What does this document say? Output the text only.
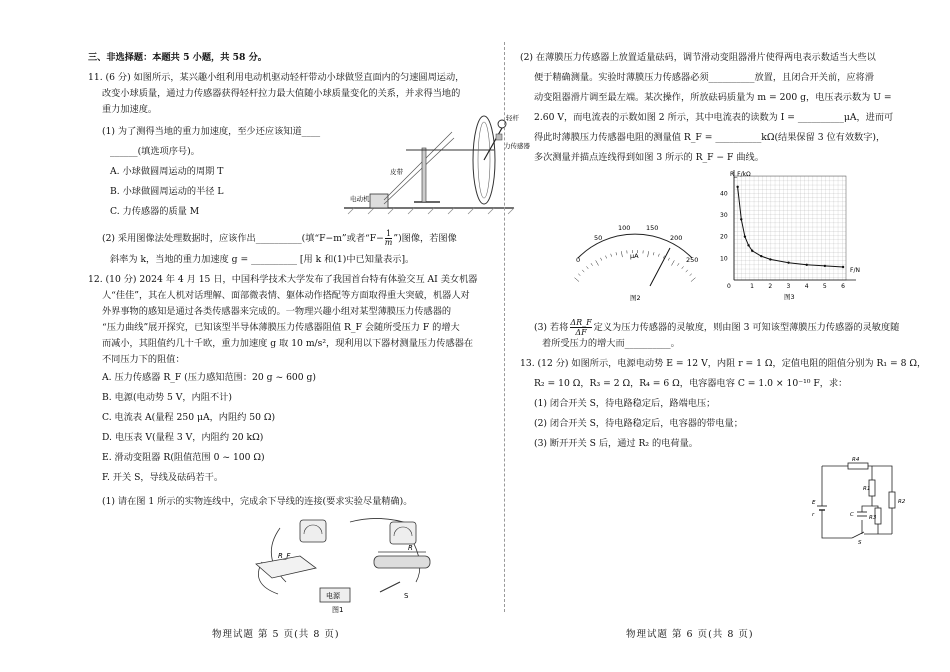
三、非选择题：本题共 5 小题，共 58 分。
11. (6 分) 如图所示，某兴趣小组利用电动机驱动轻杆带动小球做竖直面内的匀速圆周运动，
改变小球质量，通过力传感器获得轻杆拉力最大值随小球质量变化的关系，并求得当地的
重力加速度。
(1) 为了测得当地的重力加速度，至少还应该知道____
______(填选项序号)。
A. 小球做圆周运动的周期 T
B. 小球做圆周运动的半径 L
C. 力传感器的质量 M
轻杆
力传感器
皮带
电动机
(2) 采用图像法处理数据时，应该作出__________(填“F−m”或者“$F- \frac{1}{m}$ ”)图像，若图像
斜率为 k，当地的重力加速度 g = __________ [用 k 和(1)中已知量表示]。
12. (10 分) 2024 年 4 月 15 日，中国科学技术大学发布了我国首台特有体验交互 AI 美女机器
人“佳佳”，其在人机对话理解、面部微表情、躯体动作搭配等方面取得重大突破，机器人对
外界事物的感知是通过各类传感器来完成的。一物理兴趣小组对某型薄膜压力传感器的
“压力曲线”展开探究，已知该型半导体薄膜压力传感器阻值 R_F 会随所受压力 F 的增大
而减小，其阻值约几十千欧，重力加速度 g 取 10 m/s²，现利用以下器材测量压力传感器在
不同压力下的阻值：
A. 压力传感器 R_F (压力感知范围：20 g ~ 600 g)
B. 电源(电动势 5 V，内阻不计)
C. 电流表 A(量程 250 μA，内阻约 50 Ω)
D. 电压表 V(量程 3 V，内阻约 20 kΩ)
E. 滑动变阻器 R(阻值范围 0 ~ 100 Ω)
F. 开关 S，导线及砝码若干。
(1) 请在图 1 所示的实物连线中，完成余下导线的连接(要求实验尽量精确)。
R_F
R
电源	S
图1
物理试题 第 5 页(共 8 页)
(2) 在薄膜压力传感器上放置适量砝码，调节滑动变阻器滑片使得两电表示数适当大些以
便于精确测量。实验时薄膜压力传感器必须__________放置，且闭合开关前，应将滑
动变阻器滑片调至最左端。某次操作，所放砝码质量为 m = 200 g，电压表示数为 U =
2.60 V，而电流表的示数如图 2 所示，其中电流表的读数为 I = __________μA，进而可
得此时薄膜压力传感器电阻的测量值 R_F = __________kΩ(结果保留 3 位有效数字)，
多次测量并描点连线得到如图 3 所示的 R_F − F 曲线。
0
50
100 150
200
250
μA
图2
R_F/kΩ
F/N
0
40
30
20
10
1 2 3 4 5 6
图3
(3) 若将 $\frac{\Delta R\_F}{\Delta F}$ 定义为压力传感器的灵敏度，则由图 3 可知该型薄膜压力传感器的灵敏度随
着所受压力的增大而__________。
13. (12 分) 如图所示，电源电动势 E = 12 V，内阻 r = 1 Ω，定值电阻的阻值分别为 R₁ = 8 Ω，
R₂ = 10 Ω，R₃ = 2 Ω，R₄ = 6 Ω，电容器电容 C = 1.0 × 10⁻¹⁰ F，求：
(1) 闭合开关 S，待电路稳定后，路端电压；
(2) 闭合开关 S，待电路稳定后，电容器的带电量；
(3) 断开开关 S 后，通过 R₂ 的电荷量。
R4
R1
R3
R2
C
E
r
S
物理试题 第 6 页(共 8 页)
